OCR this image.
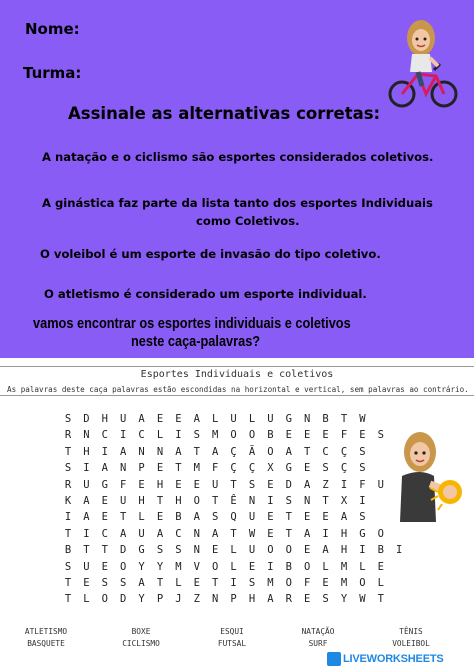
Nome:
Turma:
Assinale as alternativas corretas:
A natação e o ciclismo são esportes considerados coletivos.
A ginástica faz parte da lista tanto dos esportes Individuais
como Coletivos.
O voleibol é um esporte de invasão do tipo coletivo.
O atletismo é considerado um esporte individual.
vamos encontrar os esportes individuais e coletivos
neste caça-palavras?
Esportes Individuais e coletivos
As palavras deste caça palavras estão escondidas na horizontal e vertical, sem palavras ao contrário.
S	D	H	U	A	E	E	A	L	U	L	U	G	N	B	T	W
R	N	C	I	C	L	I	S	M	O	O	B	E	E	E	F	E	S
T	H	I	A	N	N	A	T	A	Ç	Ã	O	A	T	C	Ç	S
S	I	A	N	P	E	T	M	F	Ç	Ç	X	G	E	S	Ç	S
R	U	G	F	E	H	E	E	U	T	S	E	D	A	Z	I	F	U
K	A	E	U	H	T	H	O	T	Ê	N	I	S	N	T	X	I
I	A	E	T	L	E	B	A	S	Q	U	E	T	E	E	A	S
T	I	C	A	U	A	C	N	A	T	W	E	T	A	I	H	G	O
B	T	T	D	G	S	S	N	E	L	U	O	O	E	A	H	I	B	I
S	U	E	O	Y	Y	M	V	O	L	E	I	B	O	L	M	L	E
T	E	S	S	A	T	L	E	T	I	S	M	O	F	E	M	O	L
T	L	O	D	Y	P	J	Z	N	P	H	A	R	E	S	Y	W	T
ATLETISMO
BASQUETE
BOXE
CICLISMO
ESQUI
FUTSAL
NATAÇÃO
SURF
TÊNIS
VOLEIBOL
LIVEWORKSHEETS
